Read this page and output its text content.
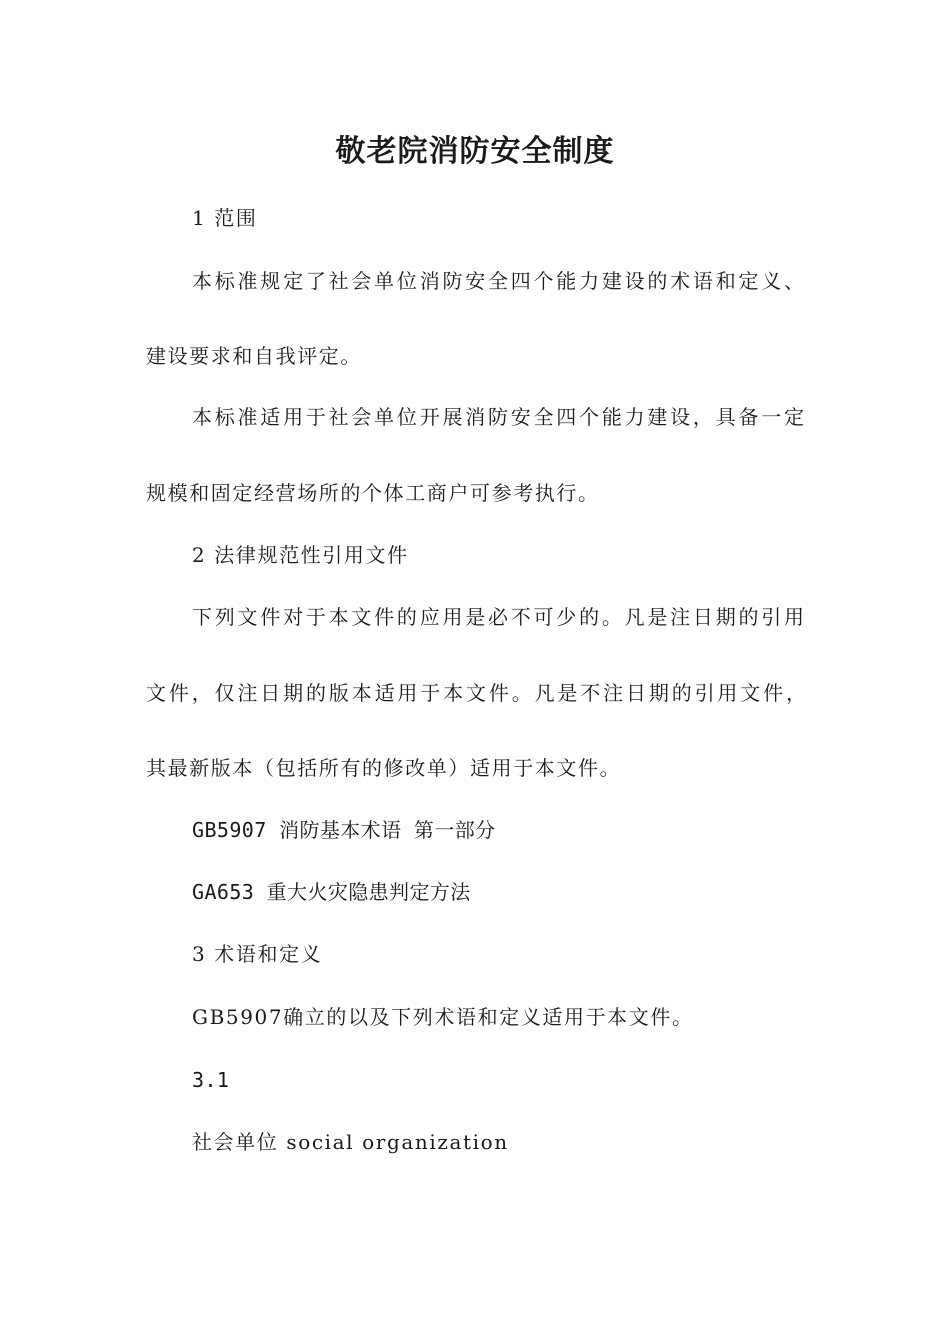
敬老院消防安全制度
1 范围
本标准规定了社会单位消防安全四个能力建设的术语和定义、
建设要求和自我评定。
本标准适用于社会单位开展消防安全四个能力建设，具备一定
规模和固定经营场所的个体工商户可参考执行。
2 法律规范性引用文件
下列文件对于本文件的应用是必不可少的。凡是注日期的引用
文件，仅注日期的版本适用于本文件。凡是不注日期的引用文件，
其最新版本（包括所有的修改单）适用于本文件。
GB5907 消防基本术语 第一部分
GA653 重大火灾隐患判定方法
3 术语和定义
GB5907确立的以及下列术语和定义适用于本文件。
3.1
社会单位 social organization
